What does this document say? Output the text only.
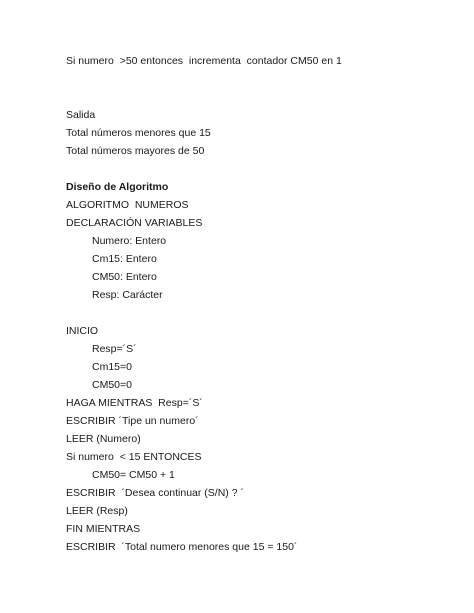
Si numero  >50 entonces  incrementa  contador CM50 en 1
Salida
Total números menores que 15
Total números mayores de 50
Diseño de Algoritmo
ALGORITMO  NUMEROS
DECLARACIÓN VARIABLES
Numero: Entero
Cm15: Entero
CM50: Entero
Resp: Carácter
INICIO
Resp=´S´
Cm15=0
CM50=0
HAGA MIENTRAS  Resp=´S´
ESCRIBIR ´Tipe un numero´
LEER (Numero)
Si numero  < 15 ENTONCES
CM50= CM50 + 1
ESCRIBIR  ´Desea continuar (S/N) ? ´
LEER (Resp)
FIN MIENTRAS
ESCRIBIR  ´Total numero menores que 15 = 150´
